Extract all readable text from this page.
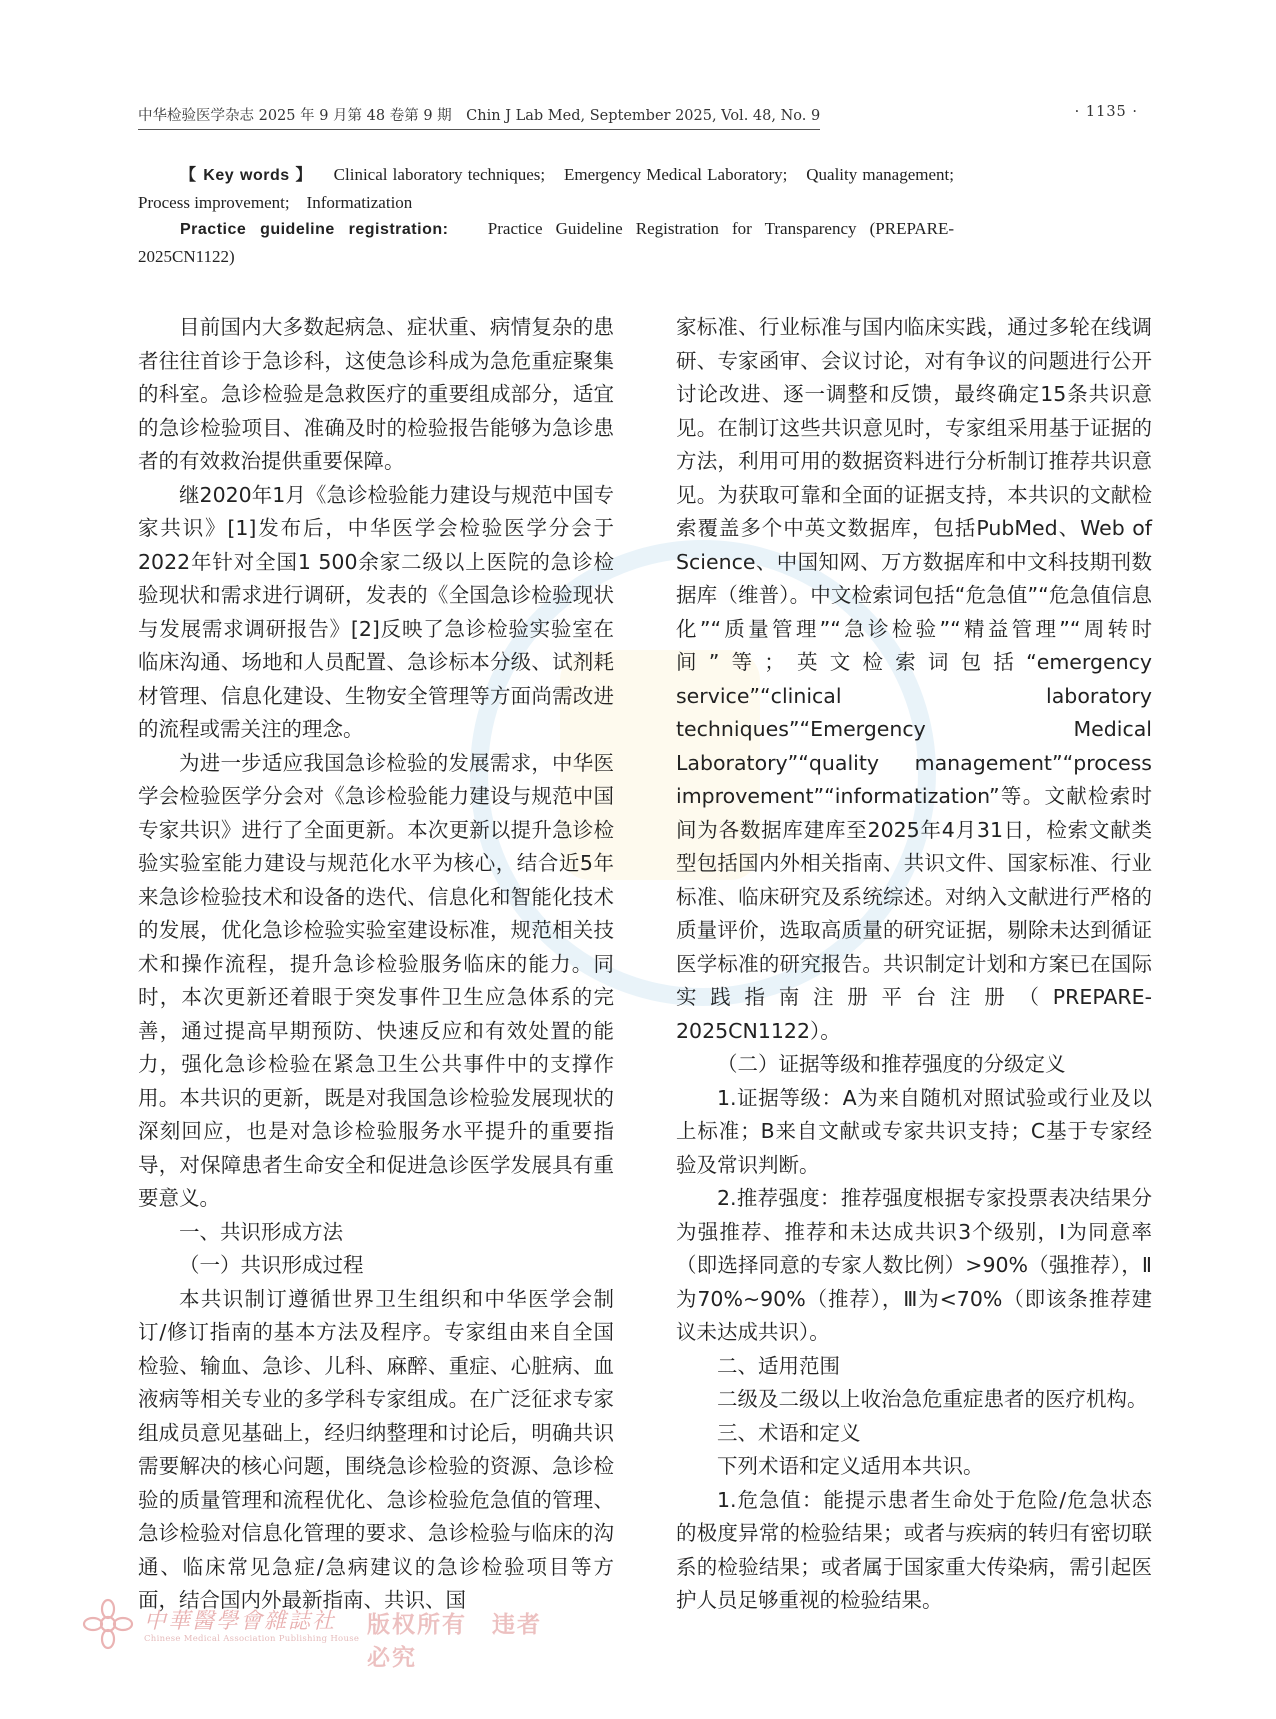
中华检验医学杂志 2025 年 9 月第 48 卷第 9 期　Chin J Lab Med, September 2025, Vol. 48, No. 9	· 1135 ·

【 Key words 】 Clinical laboratory techniques;　Emergency Medical Laboratory;　Quality management;　Process improvement;　Informatization

Practice guideline registration: Practice Guideline Registration for Transparency (PREPARE-2025CN1122)

目前国内大多数起病急、症状重、病情复杂的患者往往首诊于急诊科，这使急诊科成为急危重症聚集的科室。急诊检验是急救医疗的重要组成部分，适宜的急诊检验项目、准确及时的检验报告能够为急诊患者的有效救治提供重要保障。

继2020年1月《急诊检验能力建设与规范中国专家共识》[1]发布后，中华医学会检验医学分会于2022年针对全国1 500余家二级以上医院的急诊检验现状和需求进行调研，发表的《全国急诊检验现状与发展需求调研报告》[2]反映了急诊检验实验室在临床沟通、场地和人员配置、急诊标本分级、试剂耗材管理、信息化建设、生物安全管理等方面尚需改进的流程或需关注的理念。

为进一步适应我国急诊检验的发展需求，中华医学会检验医学分会对《急诊检验能力建设与规范中国专家共识》进行了全面更新。本次更新以提升急诊检验实验室能力建设与规范化水平为核心，结合近5年来急诊检验技术和设备的迭代、信息化和智能化技术的发展，优化急诊检验实验室建设标准，规范相关技术和操作流程，提升急诊检验服务临床的能力。同时，本次更新还着眼于突发事件卫生应急体系的完善，通过提高早期预防、快速反应和有效处置的能力，强化急诊检验在紧急卫生公共事件中的支撑作用。本共识的更新，既是对我国急诊检验发展现状的深刻回应，也是对急诊检验服务水平提升的重要指导，对保障患者生命安全和促进急诊医学发展具有重要意义。

一、共识形成方法
（一）共识形成过程

本共识制订遵循世界卫生组织和中华医学会制订/修订指南的基本方法及程序。专家组由来自全国检验、输血、急诊、儿科、麻醉、重症、心脏病、血液病等相关专业的多学科专家组成。在广泛征求专家组成员意见基础上，经归纳整理和讨论后，明确共识需要解决的核心问题，围绕急诊检验的资源、急诊检验的质量管理和流程优化、急诊检验危急值的管理、急诊检验对信息化管理的要求、急诊检验与临床的沟通、临床常见急症/急病建议的急诊检验项目等方面，结合国内外最新指南、共识、国

家标准、行业标准与国内临床实践，通过多轮在线调研、专家函审、会议讨论，对有争议的问题进行公开讨论改进、逐一调整和反馈，最终确定15条共识意见。在制订这些共识意见时，专家组采用基于证据的方法，利用可用的数据资料进行分析制订推荐共识意见。为获取可靠和全面的证据支持，本共识的文献检索覆盖多个中英文数据库，包括PubMed、Web of Science、中国知网、万方数据库和中文科技期刊数据库（维普）。中文检索词包括“危急值”“危急值信息化”“质量管理”“急诊检验”“精益管理”“周转时间”等；英文检索词包括“emergency service”“clinical laboratory techniques”“Emergency Medical Laboratory”“quality management”“process improvement”“informatization”等。文献检索时间为各数据库建库至2025年4月31日，检索文献类型包括国内外相关指南、共识文件、国家标准、行业标准、临床研究及系统综述。对纳入文献进行严格的质量评价，选取高质量的研究证据，剔除未达到循证医学标准的研究报告。共识制定计划和方案已在国际实践指南注册平台注册（PREPARE-2025CN1122）。

（二）证据等级和推荐强度的分级定义

1.证据等级：A为来自随机对照试验或行业及以上标准；B来自文献或专家共识支持；C基于专家经验及常识判断。

2.推荐强度：推荐强度根据专家投票表决结果分为强推荐、推荐和未达成共识3个级别，Ⅰ为同意率（即选择同意的专家人数比例）>90%（强推荐），Ⅱ为70%~90%（推荐），Ⅲ为<70%（即该条推荐建议未达成共识）。

二、适用范围

二级及二级以上收治急危重症患者的医疗机构。

三、术语和定义

下列术语和定义适用本共识。

1.危急值：能提示患者生命处于危险/危急状态的极度异常的检验结果；或者与疾病的转归有密切联系的检验结果；或者属于国家重大传染病，需引起医护人员足够重视的检验结果。

中華醫學會雜誌社
Chinese Medical Association Publishing House
版权所有　违者必究
